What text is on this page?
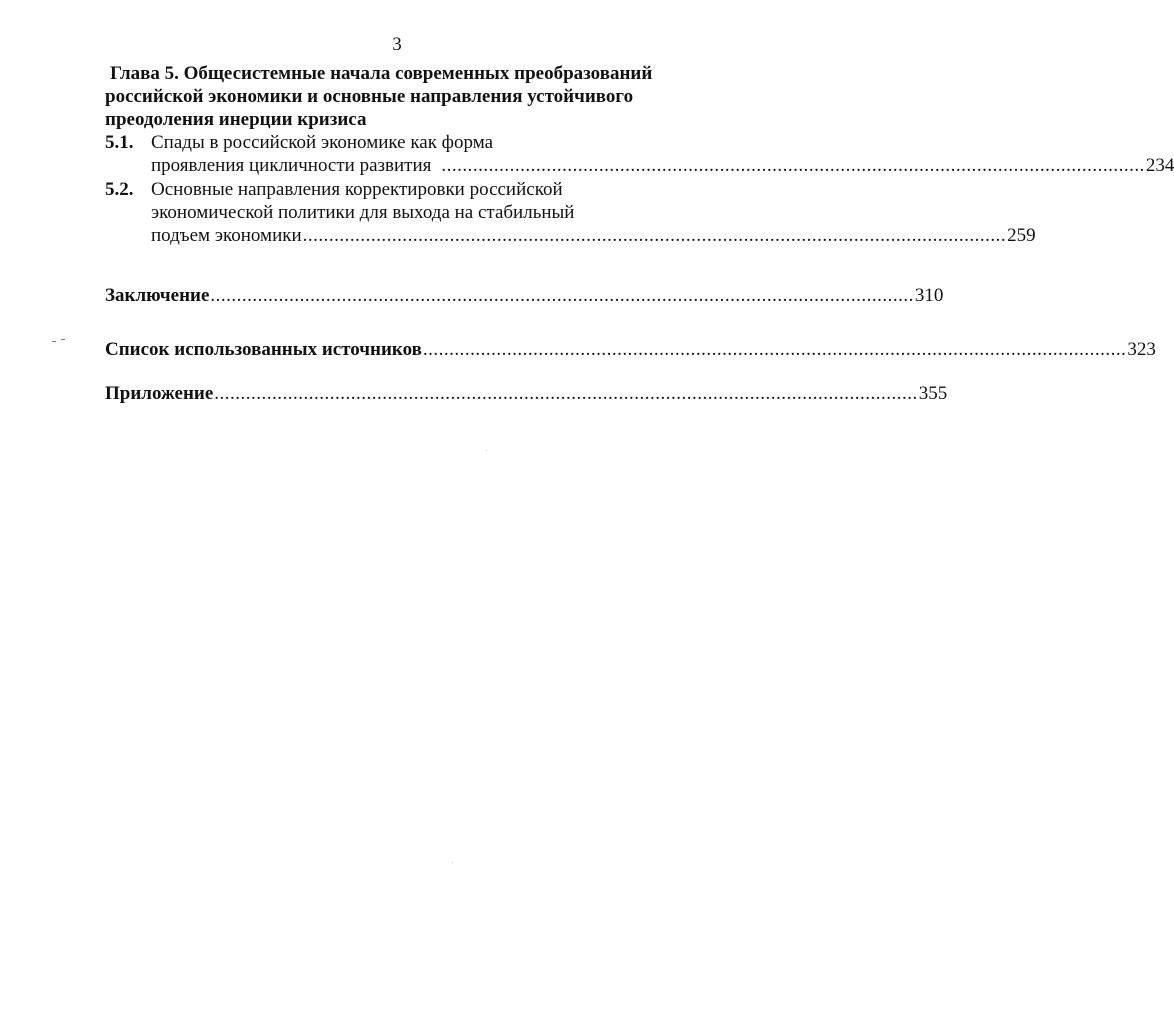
3
Глава 5. Общесистемные начала современных преобразований
российской экономики и основные направления устойчивого
преодоления инерции кризиса
5.1. Спады в российской экономике как форма
проявления цикличности развития ...................................................................................................................................... 234
5.2. Основные направления корректировки российской
экономической политики для выхода на стабильный
подъем экономики ...................................................................................................................................... 259
Заключение ...................................................................................................................................... 310
Список использованных источников ...................................................................................................................................... 323
Приложение ...................................................................................................................................... 355
